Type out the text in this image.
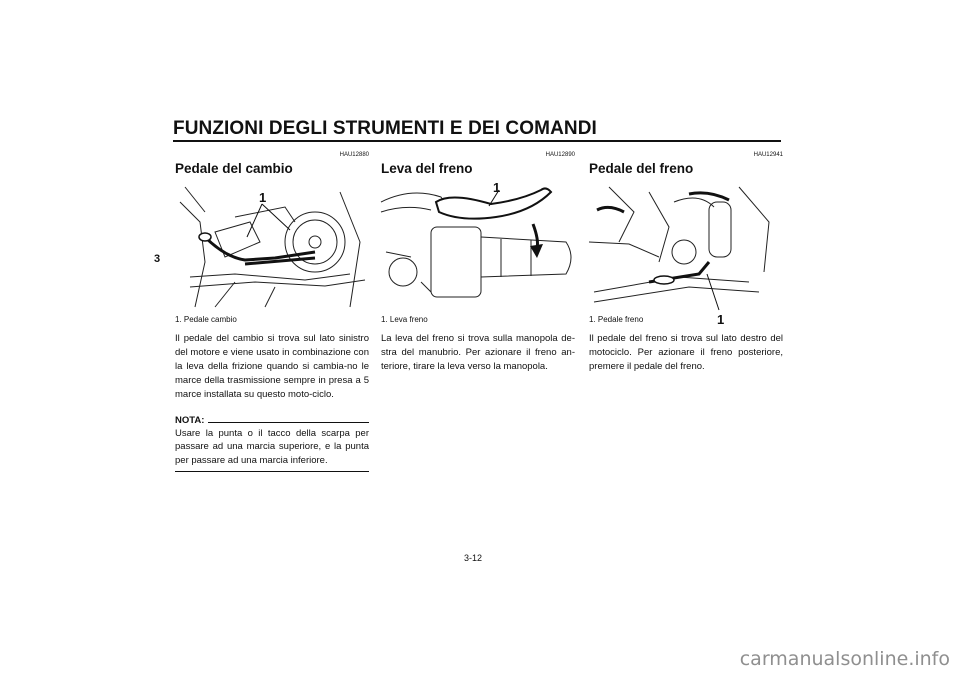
FUNZIONI DEGLI STRUMENTI E DEI COMANDI
3
HAU12880
Pedale del cambio
1
1. Pedale cambio

Il pedale del cambio si trova sul lato sinistro del motore e viene usato in combinazione con la leva della frizione quando si cambia-no le marce della trasmissione sempre in presa a 5 marce installata su questo moto-ciclo.

NOTA:
Usare la punta o il tacco della scarpa per passare ad una marcia superiore, e la punta per passare ad una marcia inferiore.
HAU12890
Leva del freno
1
1. Leva freno

La leva del freno si trova sulla manopola de-stra del manubrio. Per azionare il freno an-teriore, tirare la leva verso la manopola.

HAU12941
Pedale del freno
1
1. Pedale freno

Il pedale del freno si trova sul lato destro del motociclo. Per azionare il freno posteriore, premere il pedale del freno.

3-12
carmanualsonline.info
